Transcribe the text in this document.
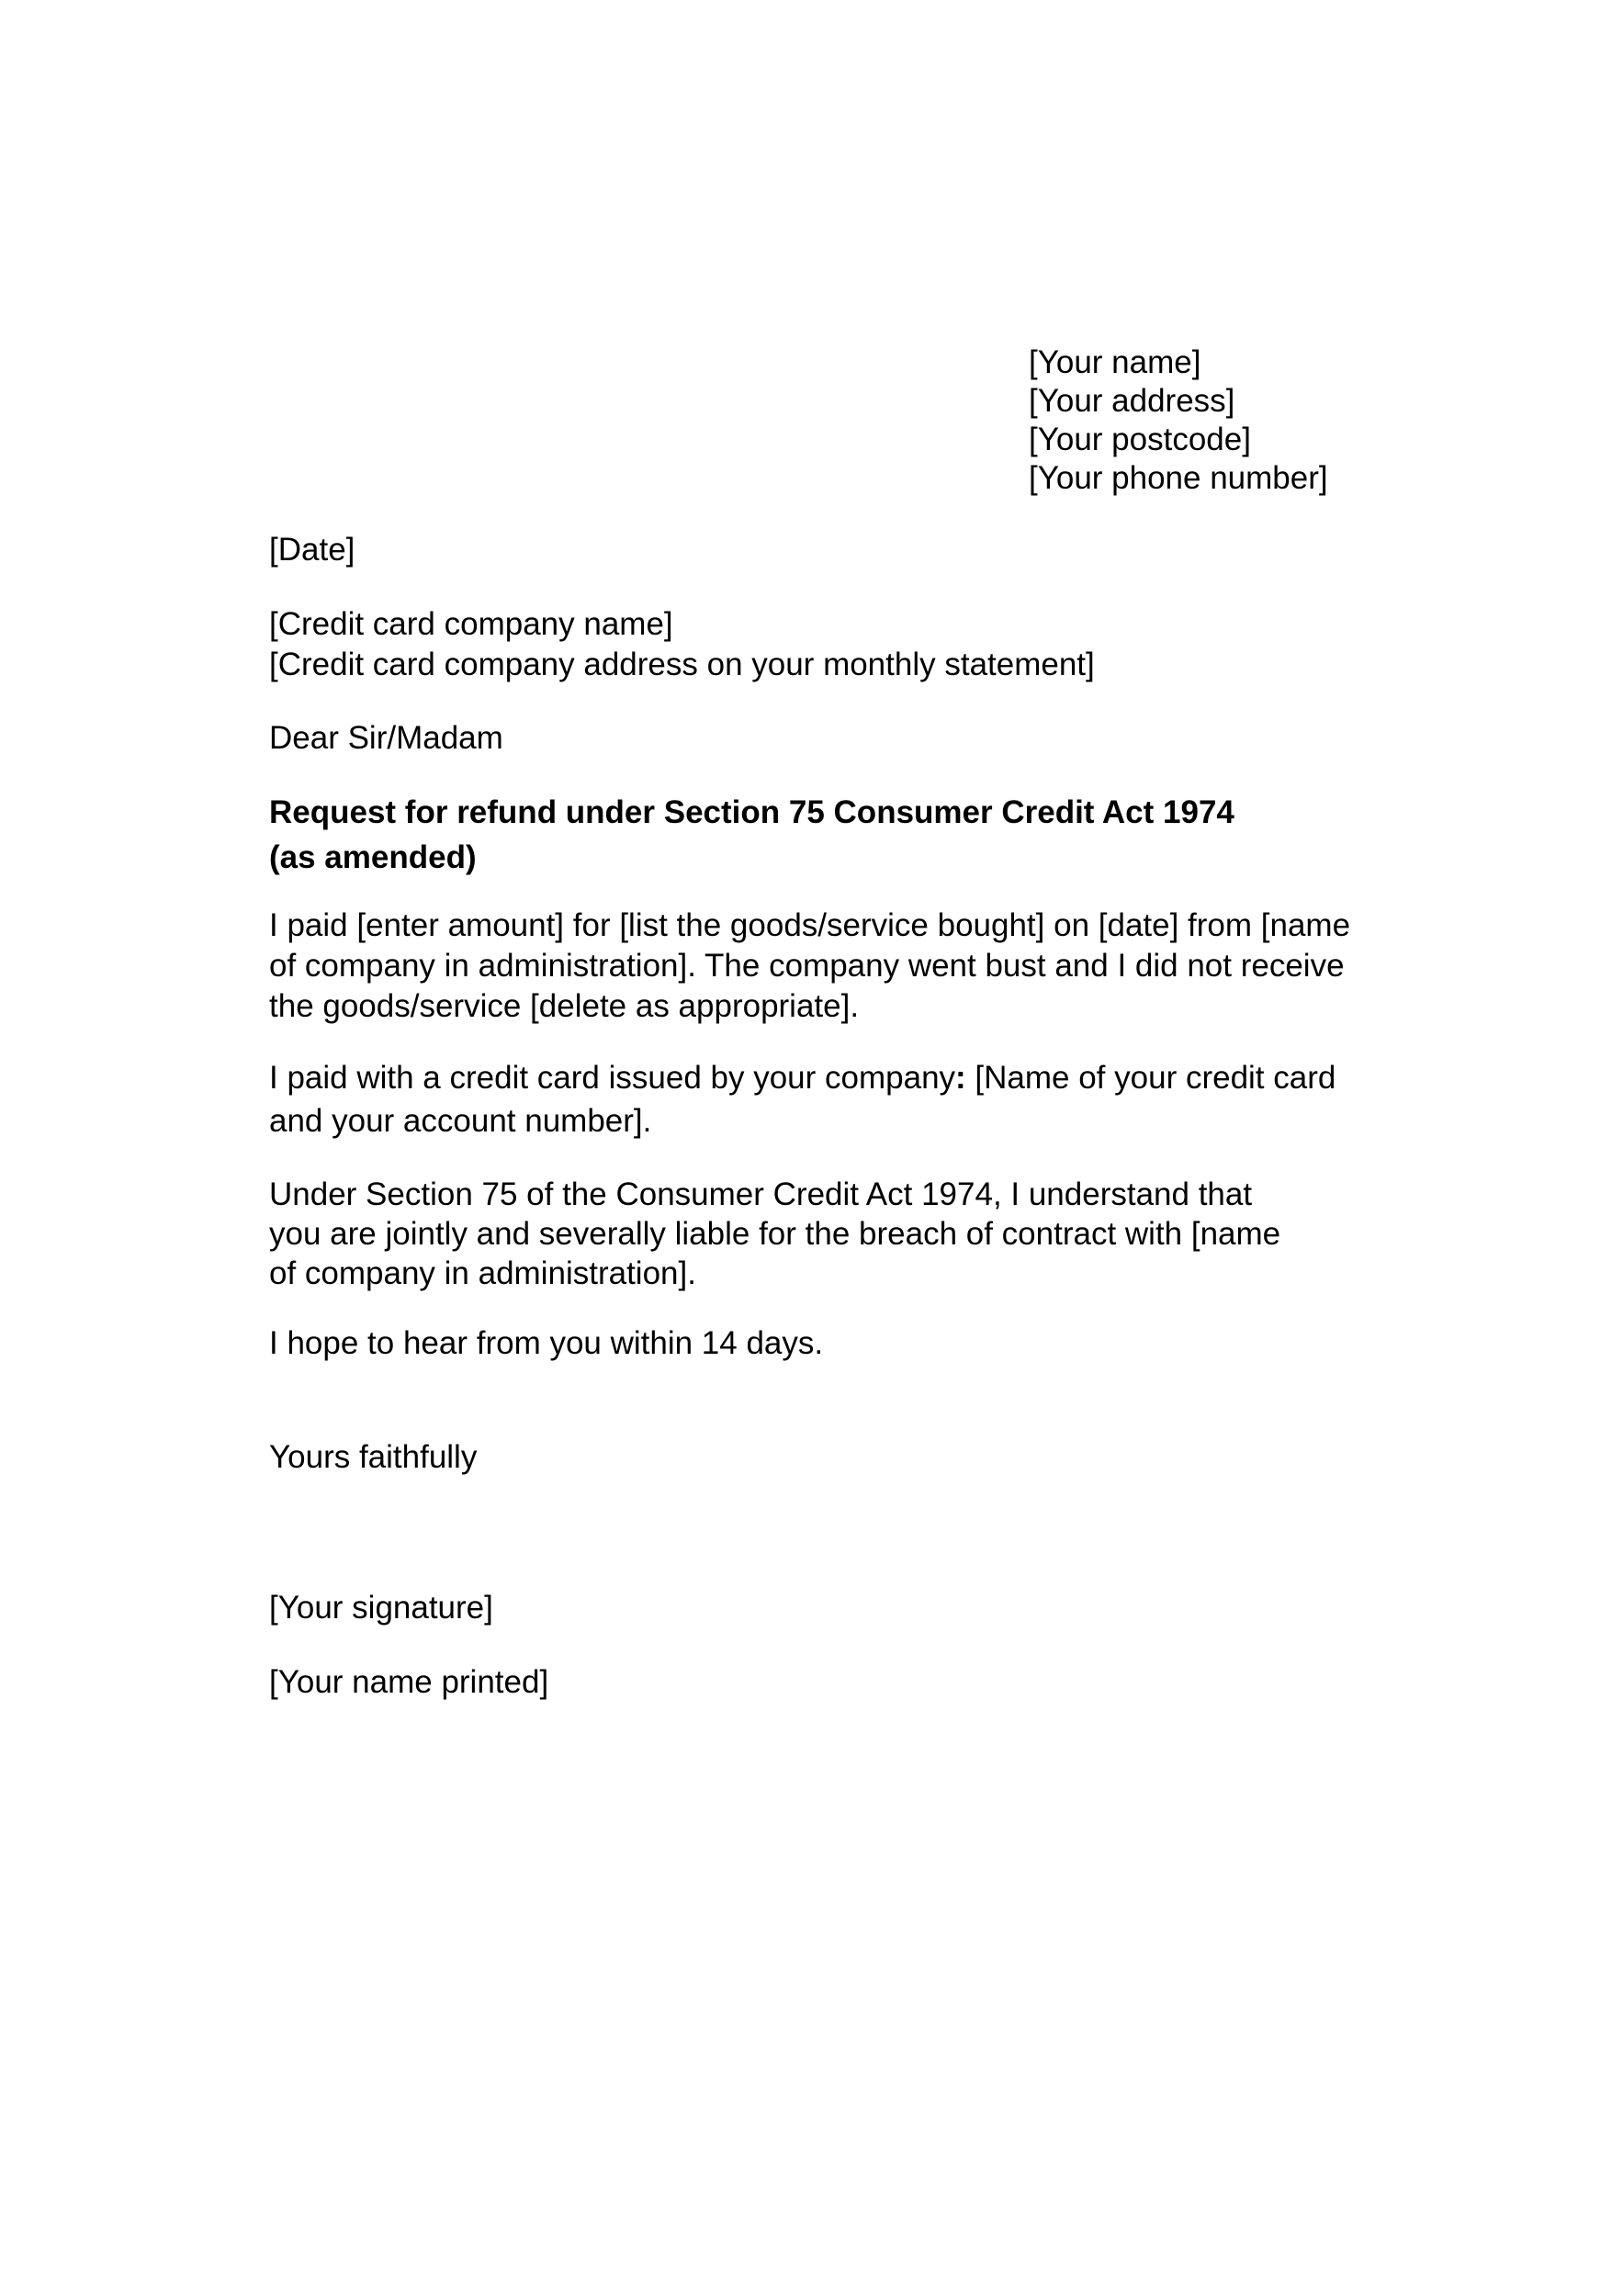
[Your name]
[Your address]
[Your postcode]
[Your phone number]
[Date]
[Credit card company name]
[Credit card company address on your monthly statement]
Dear Sir/Madam
Request for refund under Section 75 Consumer Credit Act 1974
(as amended)
I paid [enter amount] for [list the goods/service bought] on [date] from [name
of company in administration]. The company went bust and I did not receive
the goods/service [delete as appropriate].
I paid with a credit card issued by your company: [Name of your credit card
and your account number].
Under Section 75 of the Consumer Credit Act 1974, I understand that
you are jointly and severally liable for the breach of contract with [name
of company in administration].
I hope to hear from you within 14 days.
Yours faithfully
[Your signature]
[Your name printed]
